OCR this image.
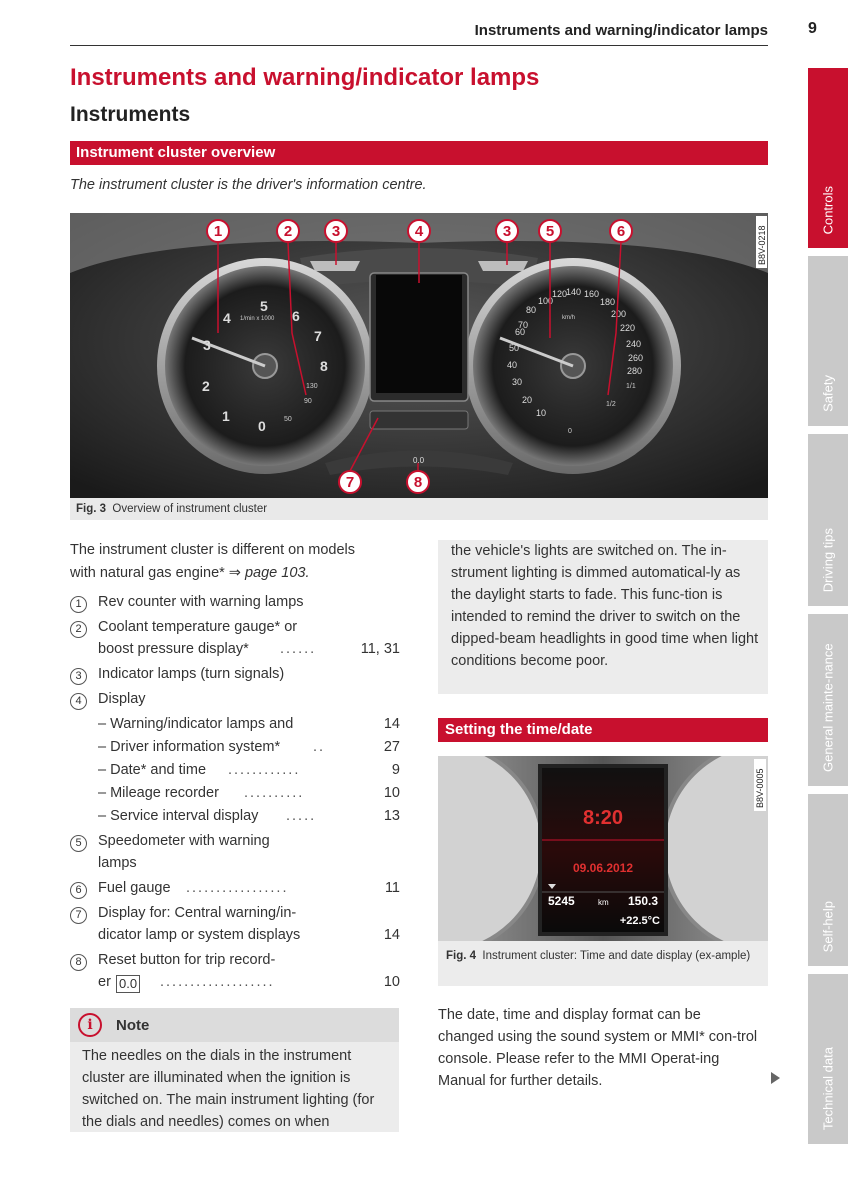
Instruments and warning/indicator lamps	9
Instruments and warning/indicator lamps
Instruments
Instrument cluster overview
The instrument cluster is the driver's information centre.
0
1
2
3
4
5
6
7
8
1/min x 1000
130
90
50
10
20
30
40
50
60
70
80
100
120
140 160
180
200
220
240
260
280
km/h
1/1
1/2
0
0.0
B8V-0218
1	2	3	4	3 5	6
7	8
Fig. 3 Overview of instrument cluster
The instrument cluster is different on models
with natural gas engine* ⇒ page 103.
1	Rev counter with warning lamps
2	Coolant temperature gauge* or
boost pressure display* ......	11, 31
3	Indicator lamps (turn signals)
4	Display
– Warning/indicator lamps and	14
– Driver information system* ..	27
– Date* and time ............	9
– Mileage recorder ..........	10
– Service interval display .....	13
5	Speedometer with warning
lamps
6	Fuel gauge .................	11
7	Display for: Central warning/in-
dicator lamp or system displays	14
8	Reset button for trip record-
er 0.0 ...................	10
i	Note
The needles on the dials in the instrument cluster are illuminated when the ignition is switched on. The main instrument lighting (for the dials and needles) comes on when
the vehicle's lights are switched on. The in-strument lighting is dimmed automatical-ly as the daylight starts to fade. This func-tion is intended to remind the driver to switch on the dipped-beam headlights in good time when light conditions become poor.
Setting the time/date
8:20
09.06.2012
5245	km 150.3
+22.5°C
B8V-0005
Fig. 4 Instrument cluster: Time and date display (ex-ample)
The date, time and display format can be changed using the sound system or MMI* con-trol console. Please refer to the MMI Operat-ing Manual for further details.
Controls
Safety
Driving tips
General mainte-nance
Self-help
Technical data
